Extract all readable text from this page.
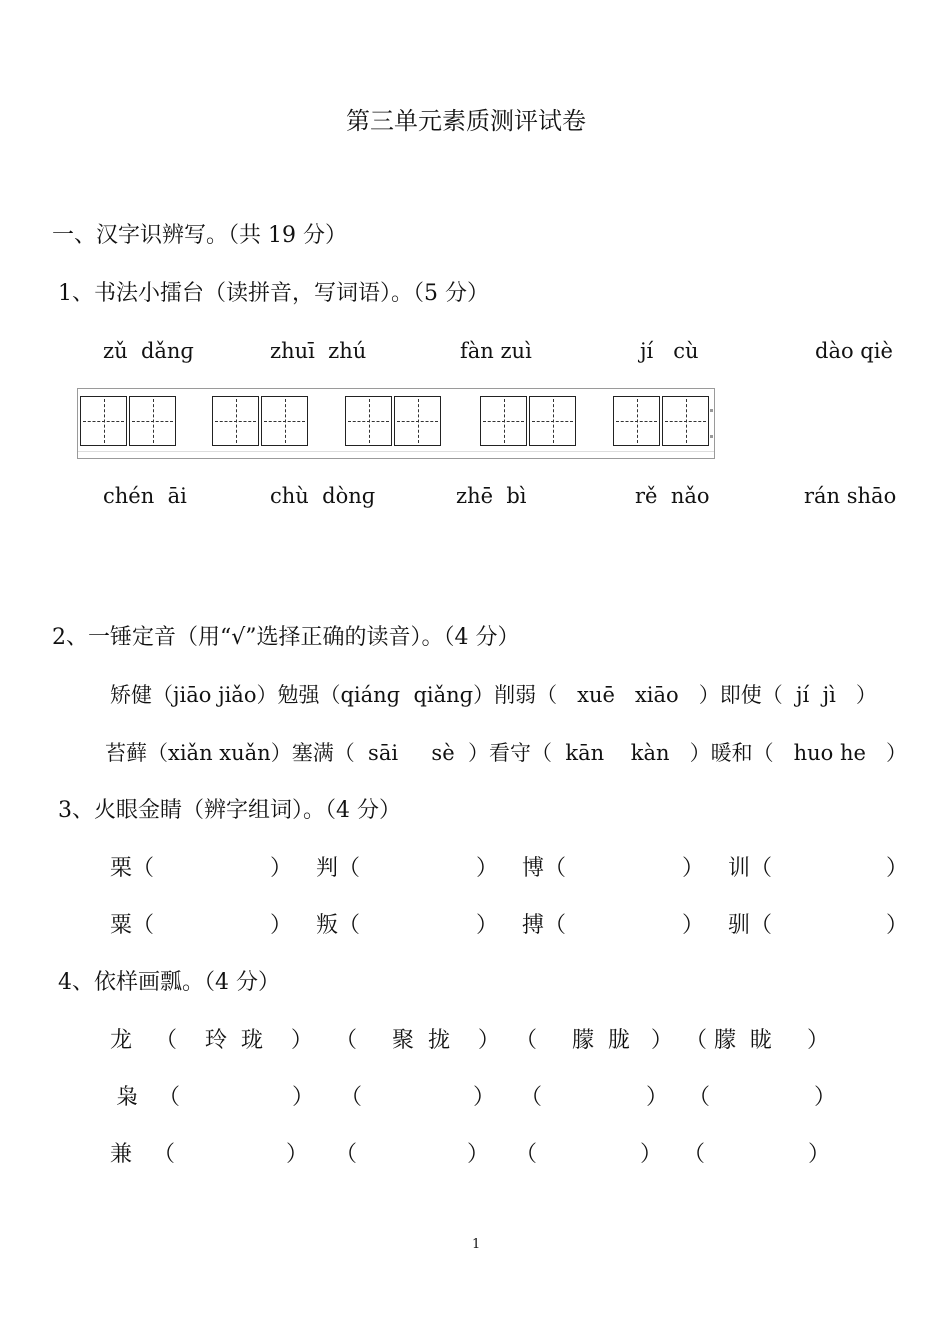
第三单元素质测评试卷
一、汉字识辨写。（共 19 分）
1、书法小擂台（读拼音，写词语）。（5 分）
zǔ  dǎnɡ	zhuī  zhú	fàn zuì	jí   cù	dào qiè
chén  āi	chù  dònɡ	zhē  bì	rě  nǎo	rán shāo
2、一锤定音（用“√”选择正确的读音）。（4 分）
矫健（jiāo jiǎo）勉强（qiánɡ  qiǎnɡ）削弱（   xuē   xiāo   ）即使（  jí  jì   ）
苔藓（xiǎn xuǎn）塞满（  sāi     sè  ）看守（  kān    kàn   ）暖和（   huo he   ）
3、火眼金睛（辨字组词）。（4 分）
栗（	） 判（	） 博（	） 训（	）
粟（	） 叛（	） 搏（	） 驯（	）
4、依样画瓢。（4 分）
龙 （    玲  珑    ） （     聚  拢    ） （     朦  胧   ） （ 朦  眬     ）
枭 （	） （	） （	） （	）
兼 （	） （	） （	） （	）
1
